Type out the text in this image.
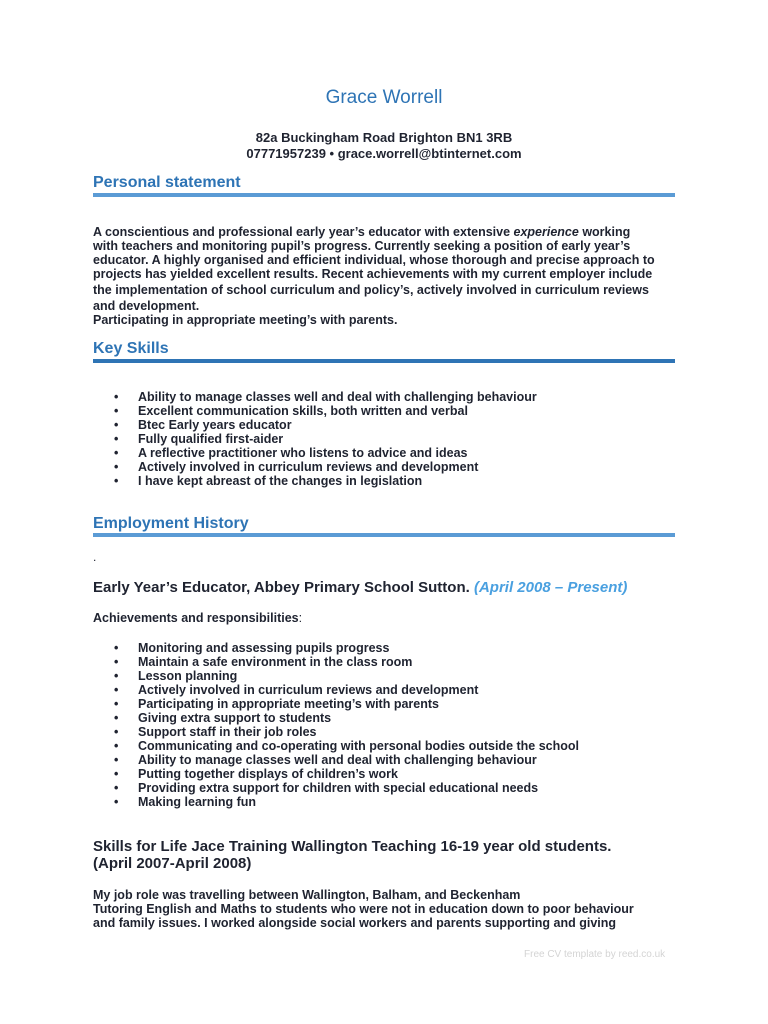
Grace Worrell
82a Buckingham Road Brighton BN1 3RB
07771957239 • grace.worrell@btinternet.com
Personal statement
A conscientious and professional early year’s educator with extensive experience working
with teachers and monitoring pupil’s progress. Currently seeking a position of early year’s
educator. A highly organised and efficient individual, whose thorough and precise approach to
projects has yielded excellent results. Recent achievements with my current employer include
the implementation of school curriculum and policy’s, actively involved in curriculum reviews
and development.
Participating in appropriate meeting’s with parents.
Key Skills
• Ability to manage classes well and deal with challenging behaviour
• Excellent communication skills, both written and verbal
• Btec Early years educator
• Fully qualified first-aider
• A reflective practitioner who listens to advice and ideas
• Actively involved in curriculum reviews and development
• I have kept abreast of the changes in legislation
Employment History
.
Early Year’s Educator, Abbey Primary School Sutton. (April 2008 – Present)
Achievements and responsibilities:
• Monitoring and assessing pupils progress
• Maintain a safe environment in the class room
• Lesson planning
• Actively involved in curriculum reviews and development
• Participating in appropriate meeting’s with parents
• Giving extra support to students
• Support staff in their job roles
• Communicating and co-operating with personal bodies outside the school
• Ability to manage classes well and deal with challenging behaviour
• Putting together displays of children’s work
• Providing extra support for children with special educational needs
• Making learning fun
Skills for Life Jace Training Wallington Teaching 16-19 year old students.
(April 2007-April 2008)
My job role was travelling between Wallington, Balham, and Beckenham
Tutoring English and Maths to students who were not in education down to poor behaviour
and family issues. I worked alongside social workers and parents supporting and giving
Free CV template by reed.co.uk
